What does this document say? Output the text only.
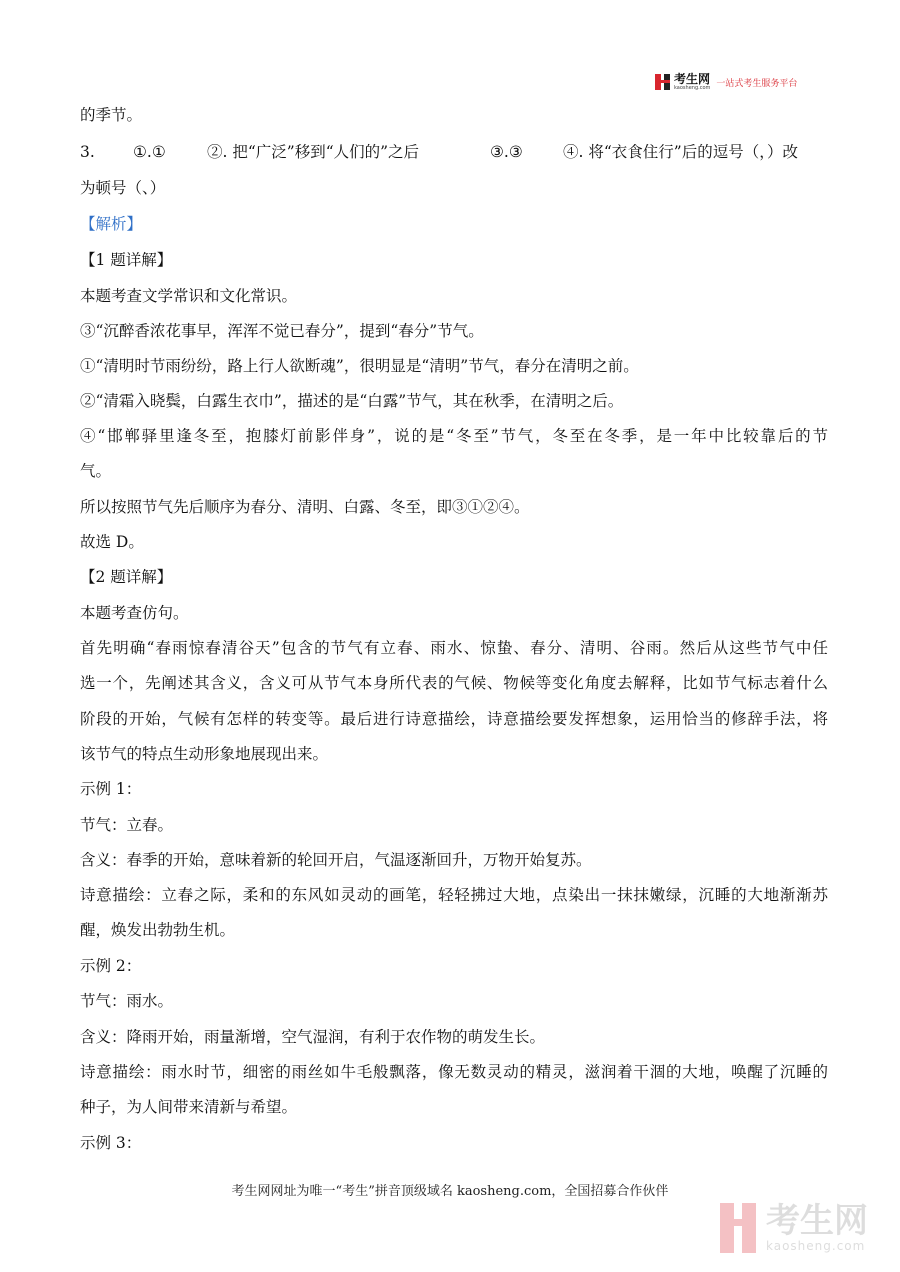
考生网
kaosheng.com 一站式考生服务平台
的季节。
3. ①.①	②. 把“广泛”移到“人们的”之后	③.③	④. 将“衣食住行”后的逗号（，）改
为顿号（、）
【解析】
【1 题详解】
本题考查文学常识和文化常识。
③“沉醉香浓花事早，浑浑不觉已春分”，提到“春分”节气。
①“清明时节雨纷纷，路上行人欲断魂”，很明显是“清明”节气，春分在清明之前。
②“清霜入晓鬓，白露生衣巾”，描述的是“白露”节气，其在秋季，在清明之后。
④“邯郸驿里逢冬至，抱膝灯前影伴身”，说的是“冬至”节气，冬至在冬季，是一年中比较靠后的节
气。
所以按照节气先后顺序为春分、清明、白露、冬至，即③①②④。
故选 D。
【2 题详解】
本题考查仿句。
首先明确“春雨惊春清谷天”包含的节气有立春、雨水、惊蛰、春分、清明、谷雨。然后从这些节气中任
选一个，先阐述其含义，含义可从节气本身所代表的气候、物候等变化角度去解释，比如节气标志着什么
阶段的开始，气候有怎样的转变等。最后进行诗意描绘，诗意描绘要发挥想象，运用恰当的修辞手法，将
该节气的特点生动形象地展现出来。
示例 1：
节气：立春。
含义：春季的开始，意味着新的轮回开启，气温逐渐回升，万物开始复苏。
诗意描绘：立春之际，柔和的东风如灵动的画笔，轻轻拂过大地，点染出一抹抹嫩绿，沉睡的大地渐渐苏
醒，焕发出勃勃生机。
示例 2：
节气：雨水。
含义：降雨开始，雨量渐增，空气湿润，有利于农作物的萌发生长。
诗意描绘：雨水时节，细密的雨丝如牛毛般飘落，像无数灵动的精灵，滋润着干涸的大地，唤醒了沉睡的
种子，为人间带来清新与希望。
示例 3：
考生网网址为唯一“考生”拼音顶级域名 kaosheng.com，全国招募合作伙伴
考生网
kaosheng.com
